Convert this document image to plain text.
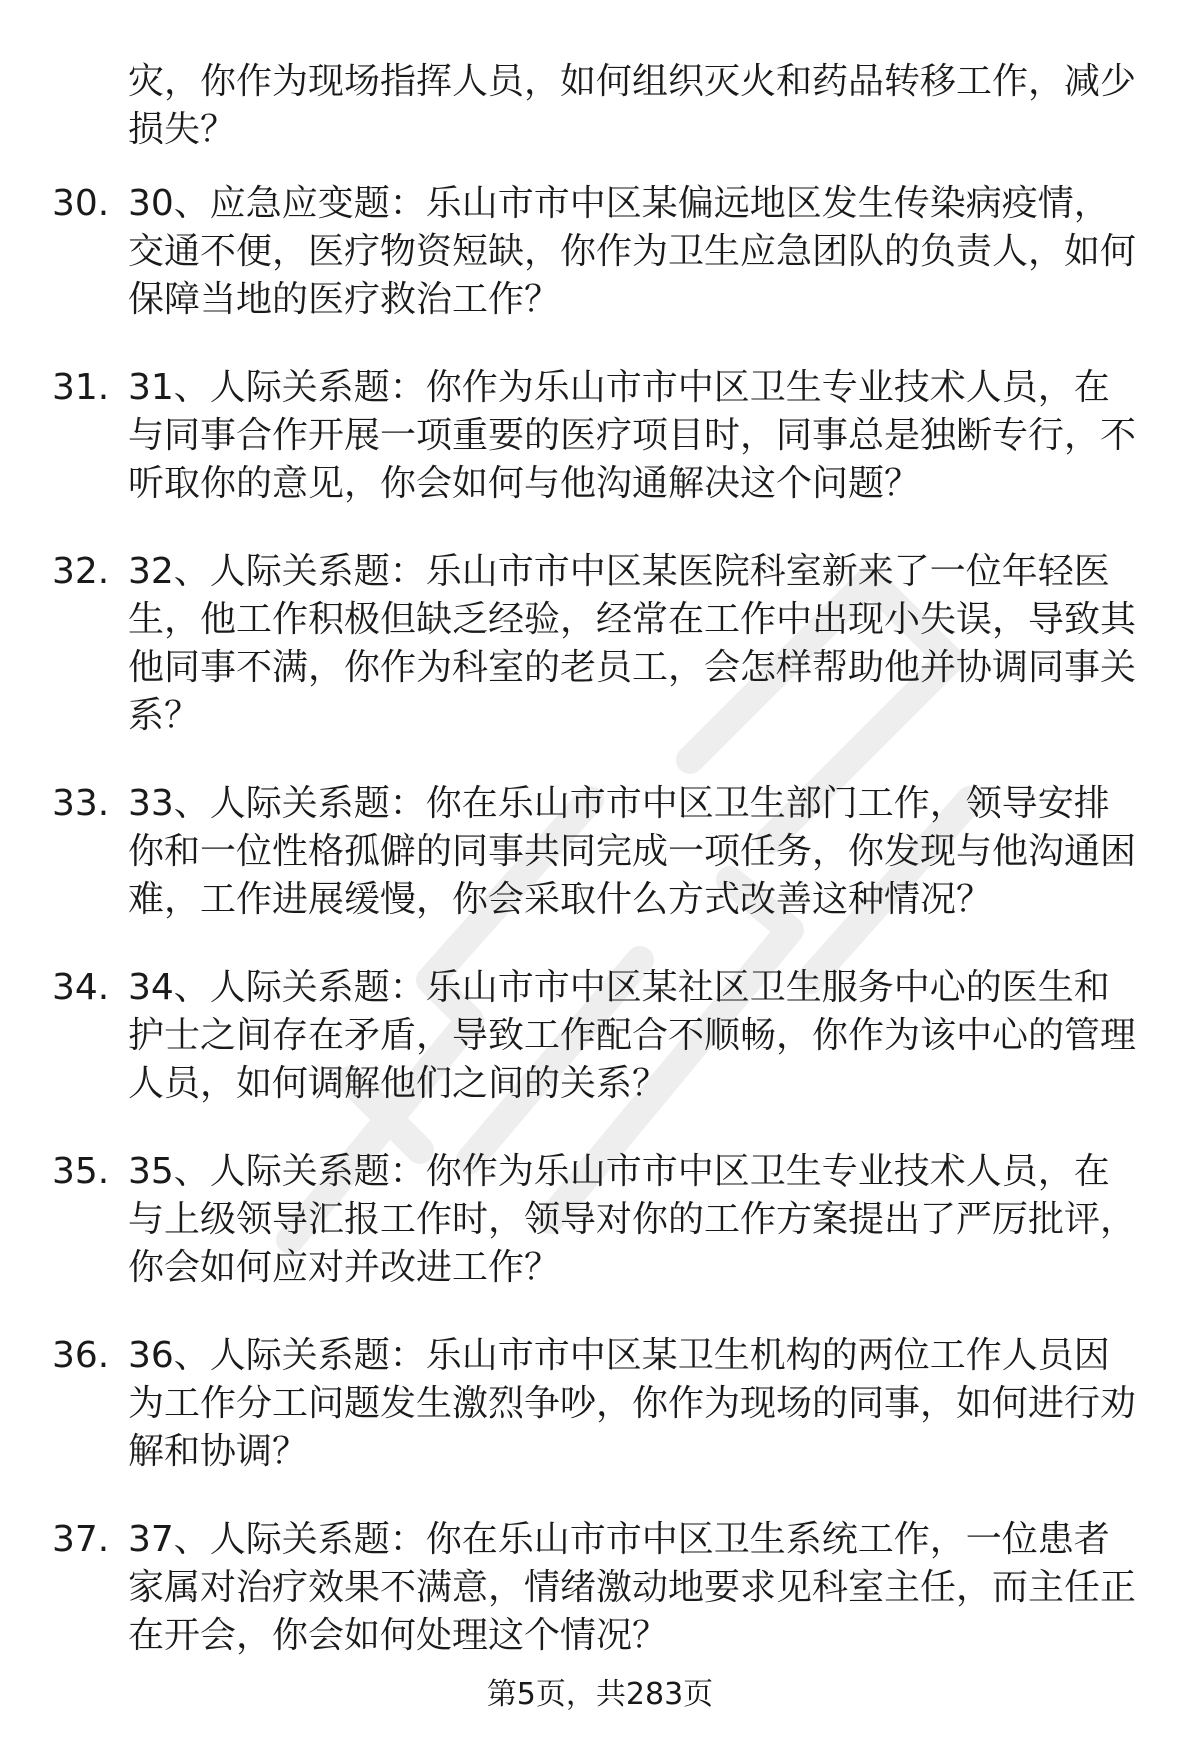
灾，你作为现场指挥人员，如何组织灭火和药品转移工作，减少损失？

30. 30、应急应变题：乐山市市中区某偏远地区发生传染病疫情，交通不便，医疗物资短缺，你作为卫生应急团队的负责人，如何保障当地的医疗救治工作？
31. 31、人际关系题：你作为乐山市市中区卫生专业技术人员，在与同事合作开展一项重要的医疗项目时，同事总是独断专行，不听取你的意见，你会如何与他沟通解决这个问题？
32. 32、人际关系题：乐山市市中区某医院科室新来了一位年轻医生，他工作积极但缺乏经验，经常在工作中出现小失误，导致其他同事不满，你作为科室的老员工，会怎样帮助他并协调同事关系？
33. 33、人际关系题：你在乐山市市中区卫生部门工作，领导安排你和一位性格孤僻的同事共同完成一项任务，你发现与他沟通困难，工作进展缓慢，你会采取什么方式改善这种情况？
34. 34、人际关系题：乐山市市中区某社区卫生服务中心的医生和护士之间存在矛盾，导致工作配合不顺畅，你作为该中心的管理人员，如何调解他们之间的关系？
35. 35、人际关系题：你作为乐山市市中区卫生专业技术人员，在与上级领导汇报工作时，领导对你的工作方案提出了严厉批评，你会如何应对并改进工作？
36. 36、人际关系题：乐山市市中区某卫生机构的两位工作人员因为工作分工问题发生激烈争吵，你作为现场的同事，如何进行劝解和协调？
37. 37、人际关系题：你在乐山市市中区卫生系统工作，一位患者家属对治疗效果不满意，情绪激动地要求见科室主任，而主任正在开会，你会如何处理这个情况？
第5页，共283页
